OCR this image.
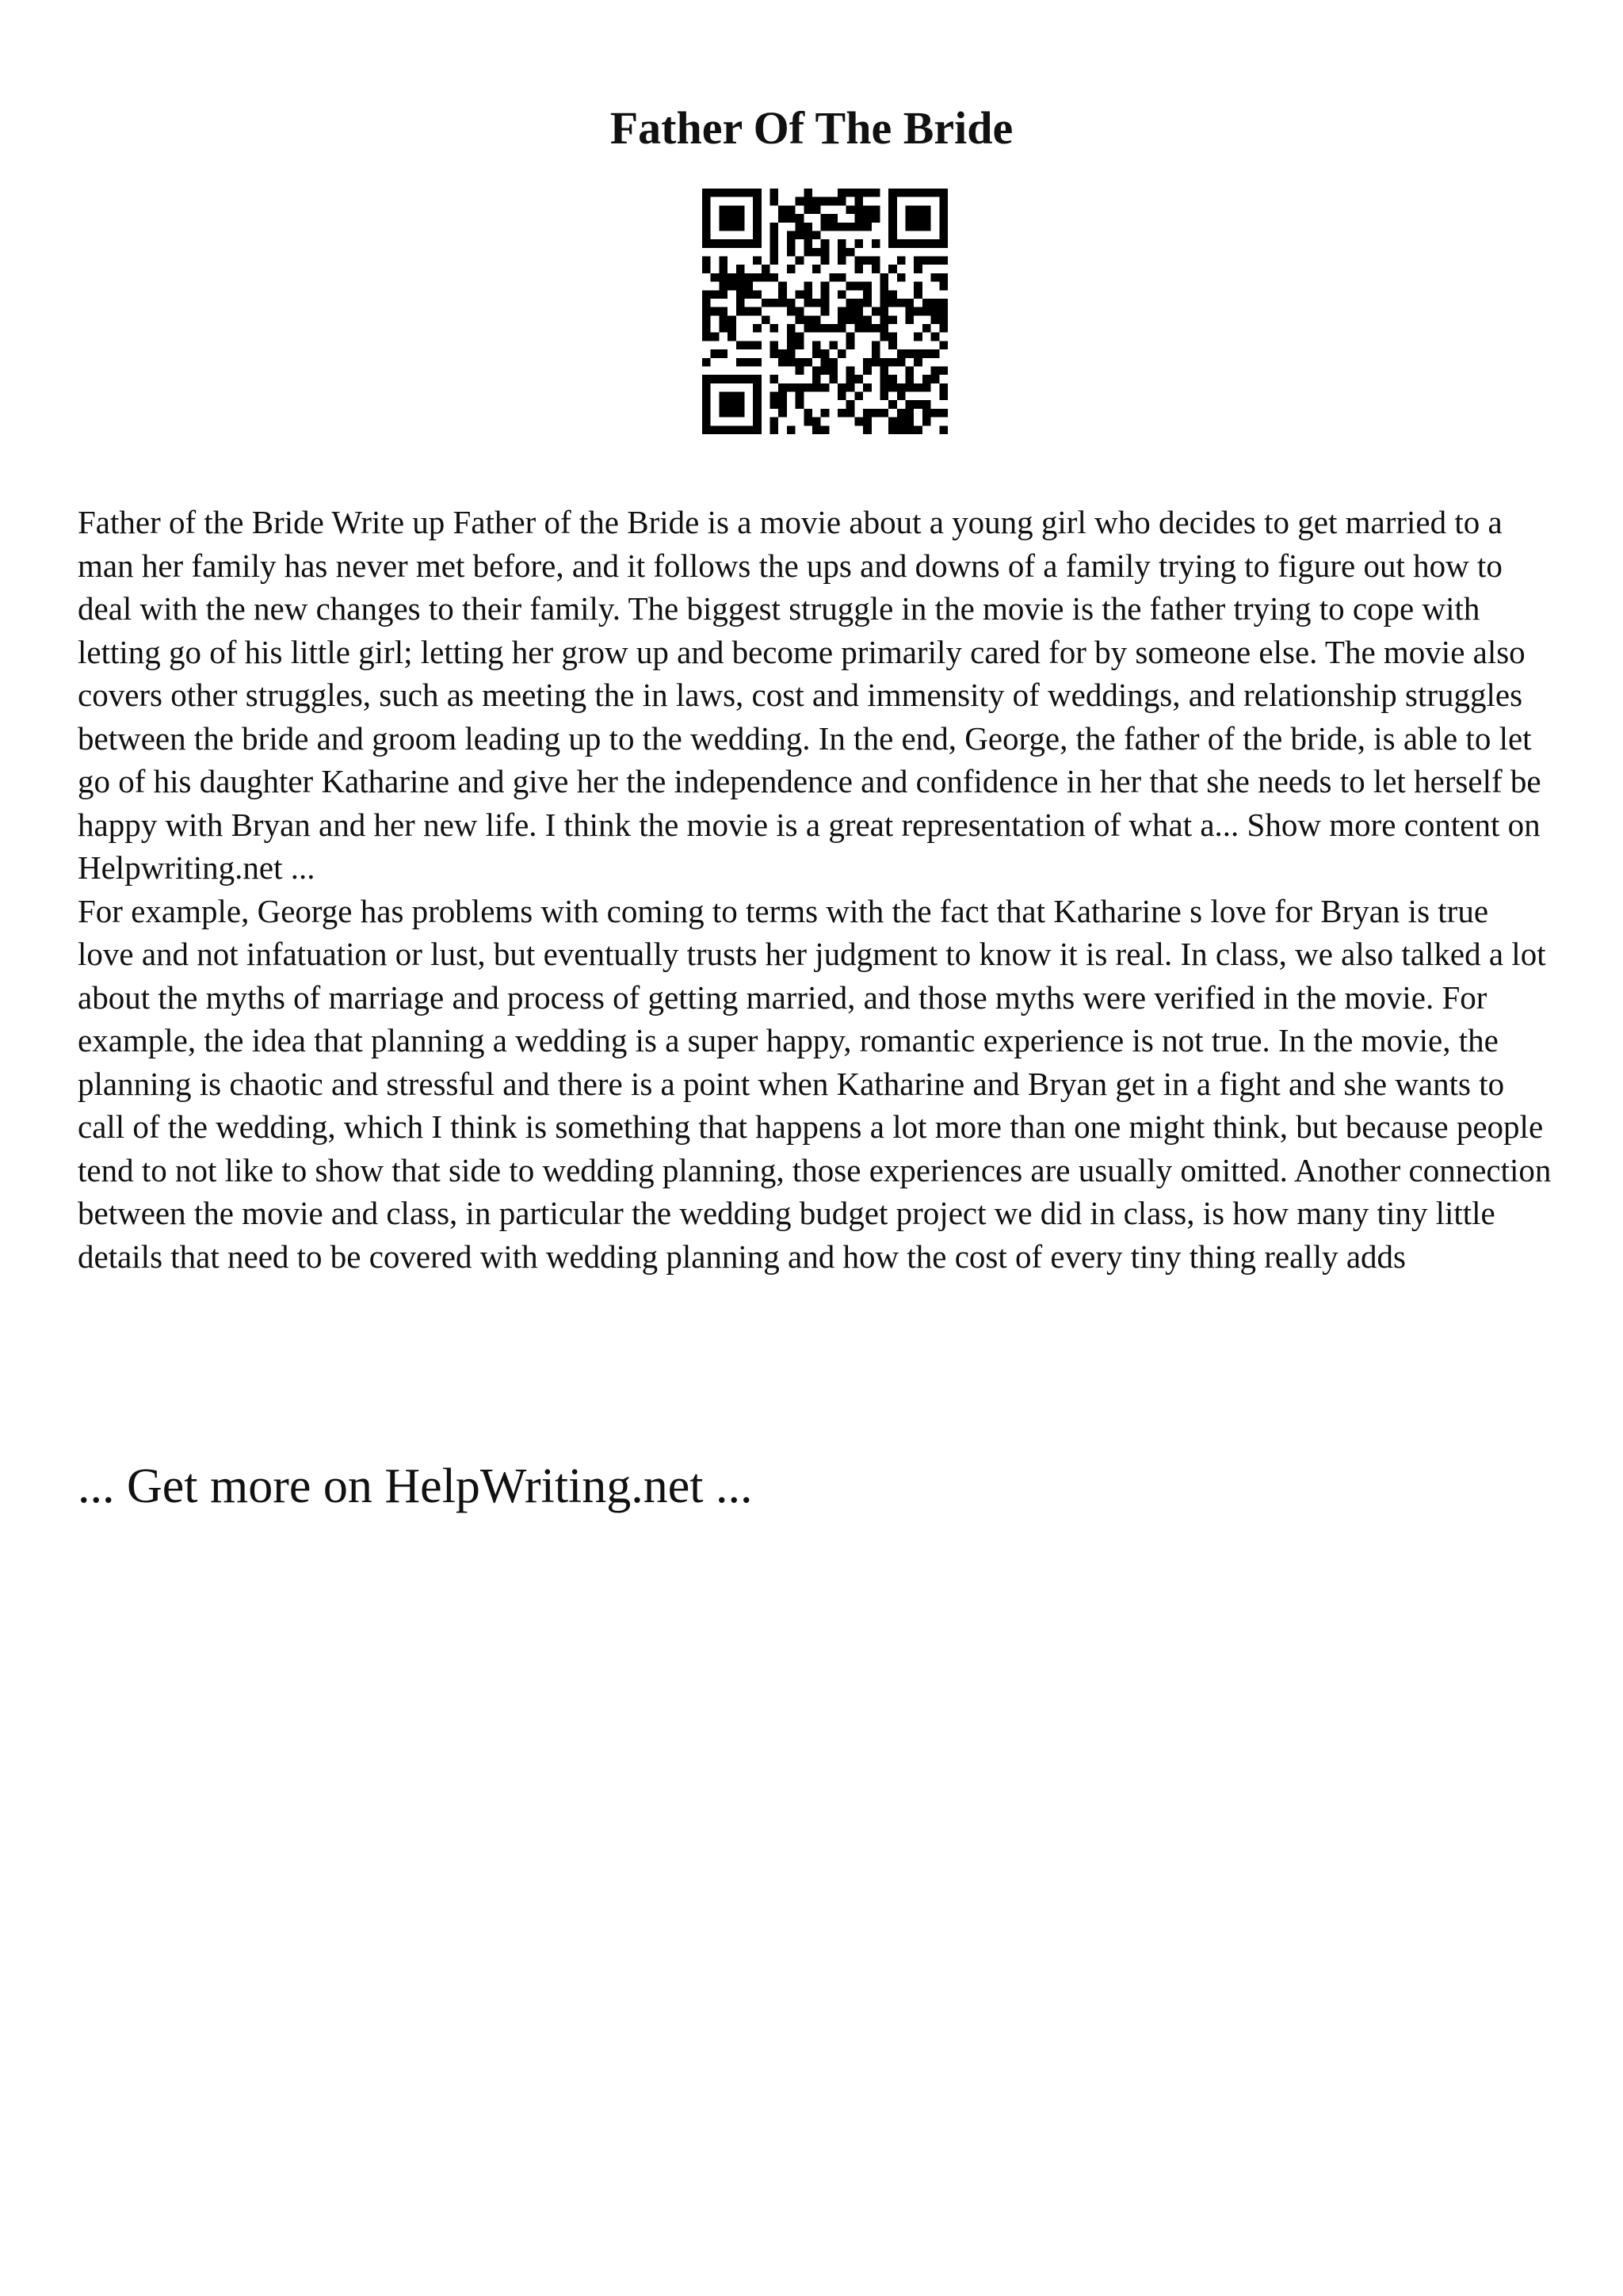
Father Of The Bride

Father of the Bride Write up Father of the Bride is a movie about a young girl who decides to get married to a man her family has never met before, and it follows the ups and downs of a family trying to figure out how to deal with the new changes to their family. The biggest struggle in the movie is the father trying to cope with letting go of his little girl; letting her grow up and become primarily cared for by someone else. The movie also covers other struggles, such as meeting the in laws, cost and immensity of weddings, and relationship struggles between the bride and groom leading up to the wedding. In the end, George, the father of the bride, is able to let go of his daughter Katharine and give her the independence and confidence in her that she needs to let herself be happy with Bryan and her new life. I think the movie is a great representation of what a... Show more content on Helpwriting.net ...

For example, George has problems with coming to terms with the fact that Katharine s love for Bryan is true love and not infatuation or lust, but eventually trusts her judgment to know it is real. In class, we also talked a lot about the myths of marriage and process of getting married, and those myths were verified in the movie. For example, the idea that planning a wedding is a super happy, romantic experience is not true. In the movie, the planning is chaotic and stressful and there is a point when Katharine and Bryan get in a fight and she wants to call of the wedding, which I think is something that happens a lot more than one might think, but because people tend to not like to show that side to wedding planning, those experiences are usually omitted. Another connection between the movie and class, in particular the wedding budget project we did in class, is how many tiny little details that need to be covered with wedding planning and how the cost of every tiny thing really adds

... Get more on HelpWriting.net ...
